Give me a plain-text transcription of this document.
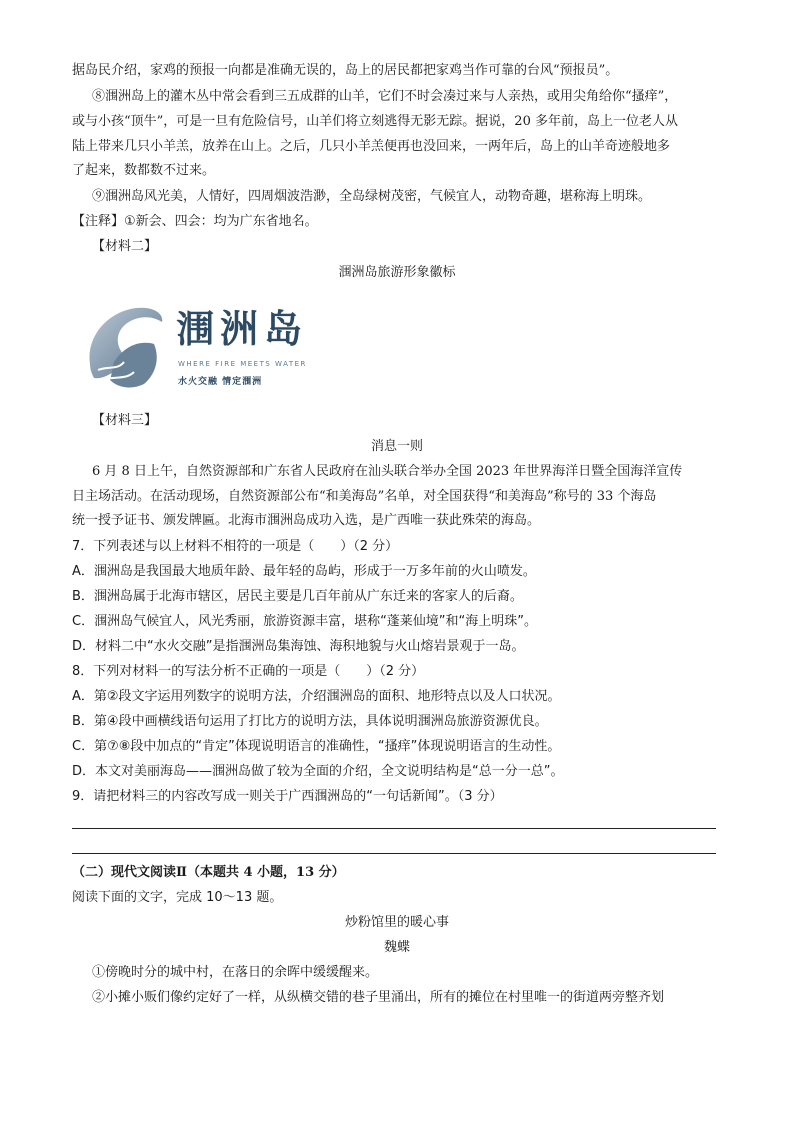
据岛民介绍，家鸡的预报一向都是准确无误的，岛上的居民都把家鸡当作可靠的台风“预报员”。
⑧涠洲岛上的灌木丛中常会看到三五成群的山羊，它们不时会凑过来与人亲热，或用尖角给你“搔痒”，
或与小孩“顶牛”，可是一旦有危险信号，山羊们将立刻逃得无影无踪。据说，20 多年前，岛上一位老人从
陆上带来几只小羊羔，放养在山上。之后，几只小羊羔便再也没回来，一两年后，岛上的山羊奇迹般地多
了起来，数都数不过来。
⑨涠洲岛风光美，人情好，四周烟波浩渺，全岛绿树茂密，气候宜人，动物奇趣，堪称海上明珠。
【注释】①新会、四会：均为广东省地名。
【材料二】
涠洲岛旅游形象徽标
涠洲岛
WHERE FIRE MEETS WATER
水火交融 情定涠洲
【材料三】
消息一则
6 月 8 日上午，自然资源部和广东省人民政府在汕头联合举办全国 2023 年世界海洋日暨全国海洋宣传
日主场活动。在活动现场，自然资源部公布“和美海岛”名单，对全国获得“和美海岛”称号的 33 个海岛
统一授予证书、颁发牌匾。北海市涠洲岛成功入选，是广西唯一获此殊荣的海岛。
7．下列表述与以上材料不相符的一项是（　　）（2 分）
A．涠洲岛是我国最大地质年龄、最年轻的岛屿，形成于一万多年前的火山喷发。
B．涠洲岛属于北海市辖区，居民主要是几百年前从广东迁来的客家人的后裔。
C．涠洲岛气候宜人，风光秀丽，旅游资源丰富，堪称“蓬莱仙境”和“海上明珠”。
D．材料二中“水火交融”是指涠洲岛集海蚀、海积地貌与火山熔岩景观于一岛。
8．下列对材料一的写法分析不正确的一项是（　　）（2 分）
A．第②段文字运用列数字的说明方法，介绍涠洲岛的面积、地形特点以及人口状况。
B．第④段中画横线语句运用了打比方的说明方法，具体说明涠洲岛旅游资源优良。
C．第⑦⑧段中加点的“肯定”体现说明语言的准确性，“搔痒”体现说明语言的生动性。
D．本文对美丽海岛——涠洲岛做了较为全面的介绍，全文说明结构是“总一分一总”。
9．请把材料三的内容改写成一则关于广西涠洲岛的“一句话新闻”。（3 分）
（二）现代文阅读Ⅱ（本题共 4 小题，13 分）
阅读下面的文字，完成 10～13 题。
炒粉馆里的暖心事
魏蝶
①傍晚时分的城中村，在落日的余晖中缓缓醒来。
②小摊小贩们像约定好了一样，从纵横交错的巷子里涌出，所有的摊位在村里唯一的街道两旁整齐划
